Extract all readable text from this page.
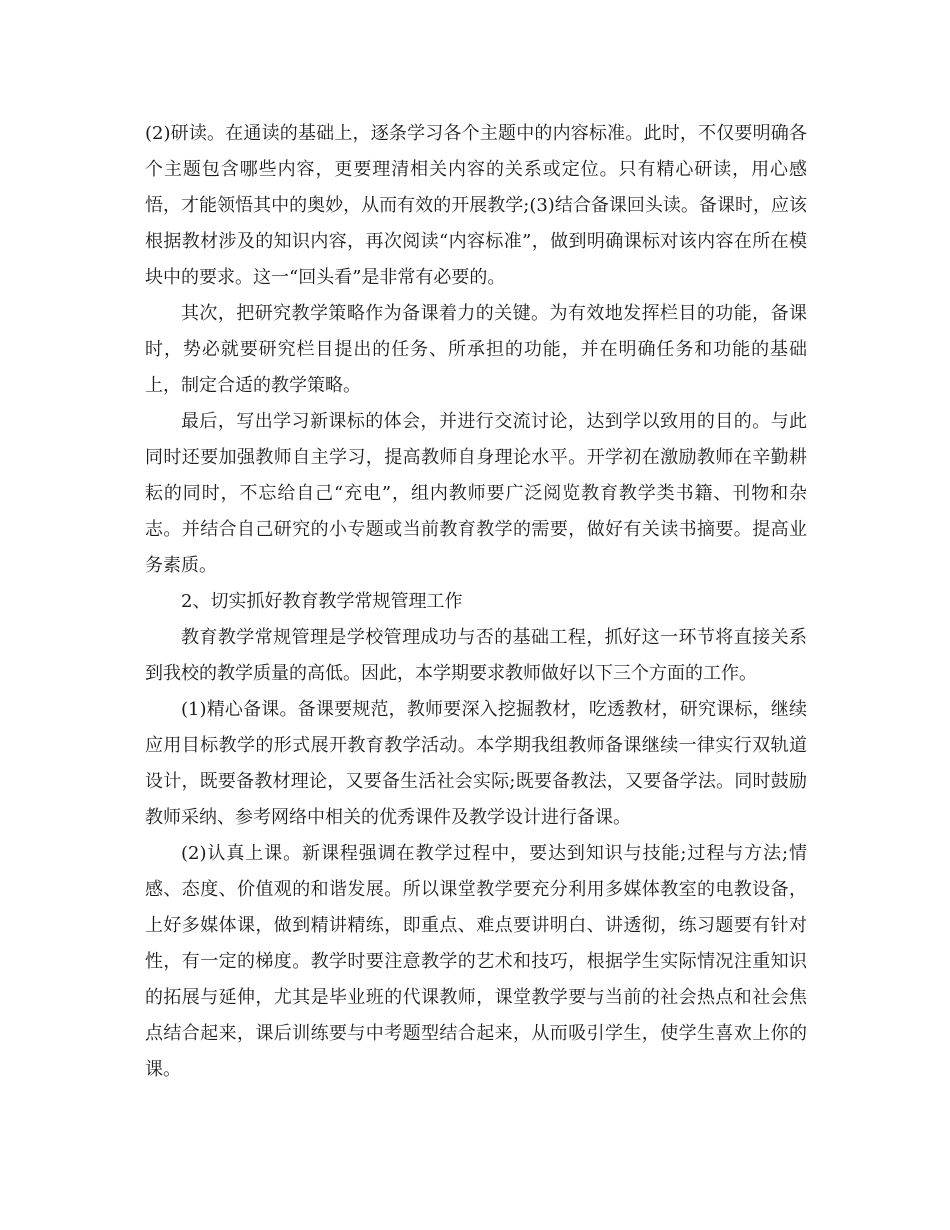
(2)研读。在通读的基础上，逐条学习各个主题中的内容标准。此时，不仅要明确各个主题包含哪些内容，更要理清相关内容的关系或定位。只有精心研读，用心感悟，才能领悟其中的奥妙，从而有效的开展教学;(3)结合备课回头读。备课时，应该根据教材涉及的知识内容，再次阅读“内容标准”，做到明确课标对该内容在所在模块中的要求。这一“回头看”是非常有必要的。

其次，把研究教学策略作为备课着力的关键。为有效地发挥栏目的功能，备课时，势必就要研究栏目提出的任务、所承担的功能，并在明确任务和功能的基础上，制定合适的教学策略。

最后，写出学习新课标的体会，并进行交流讨论，达到学以致用的目的。与此同时还要加强教师自主学习，提高教师自身理论水平。开学初在激励教师在辛勤耕耘的同时，不忘给自己“充电”，组内教师要广泛阅览教育教学类书籍、刊物和杂志。并结合自己研究的小专题或当前教育教学的需要，做好有关读书摘要。提高业务素质。

2、切实抓好教育教学常规管理工作

教育教学常规管理是学校管理成功与否的基础工程，抓好这一环节将直接关系到我校的教学质量的高低。因此，本学期要求教师做好以下三个方面的工作。

(1)精心备课。备课要规范，教师要深入挖掘教材，吃透教材，研究课标，继续应用目标教学的形式展开教育教学活动。本学期我组教师备课继续一律实行双轨道设计，既要备教材理论，又要备生活社会实际;既要备教法，又要备学法。同时鼓励教师采纳、参考网络中相关的优秀课件及教学设计进行备课。

(2)认真上课。新课程强调在教学过程中，要达到知识与技能;过程与方法;情感、态度、价值观的和谐发展。所以课堂教学要充分利用多媒体教室的电教设备，上好多媒体课，做到精讲精练，即重点、难点要讲明白、讲透彻，练习题要有针对性，有一定的梯度。教学时要注意教学的艺术和技巧，根据学生实际情况注重知识的拓展与延伸，尤其是毕业班的代课教师，课堂教学要与当前的社会热点和社会焦点结合起来，课后训练要与中考题型结合起来，从而吸引学生，使学生喜欢上你的课。
